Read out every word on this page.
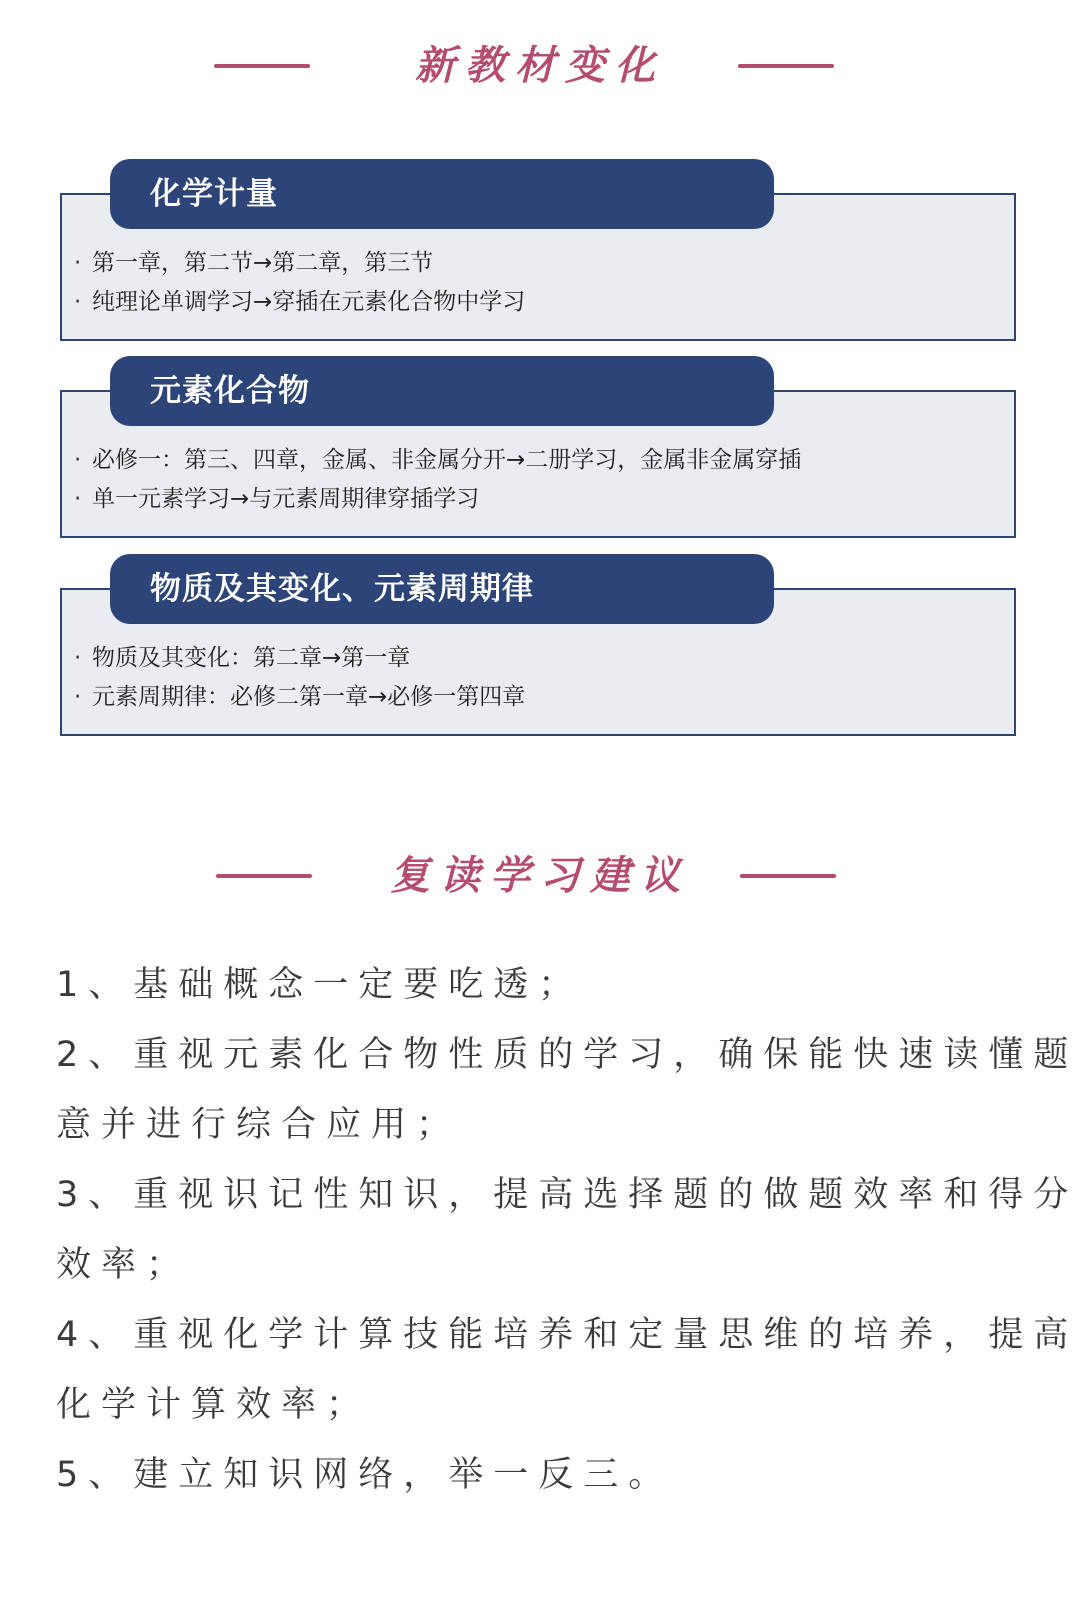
新教材变化
化学计量
· 第一章，第二节→第二章，第三节
· 纯理论单调学习→穿插在元素化合物中学习
元素化合物
· 必修一：第三、四章，金属、非金属分开→二册学习，金属非金属穿插
· 单一元素学习→与元素周期律穿插学习
物质及其变化、元素周期律
· 物质及其变化：第二章→第一章
· 元素周期律：必修二第一章→必修一第四章
复读学习建议

1、基础概念一定要吃透；

2、重视元素化合物性质的学习，确保能快速读懂题

意并进行综合应用；

3、重视识记性知识，提高选择题的做题效率和得分

效率；

4、重视化学计算技能培养和定量思维的培养，提高

化学计算效率；

5、建立知识网络，举一反三。
